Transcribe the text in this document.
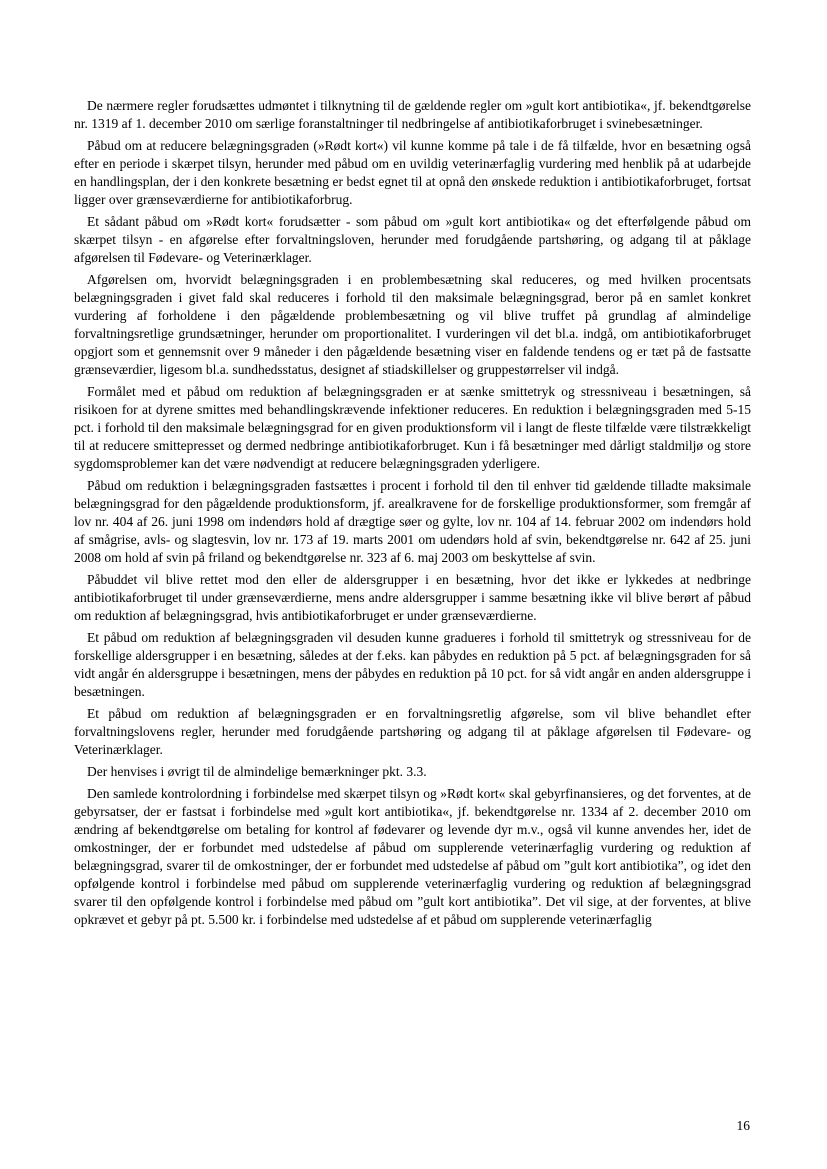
De nærmere regler forudsættes udmøntet i tilknytning til de gældende regler om »gult kort antibiotika«, jf. bekendtgørelse nr. 1319 af 1. december 2010 om særlige foranstaltninger til nedbringelse af antibiotikaforbruget i svinebesætninger.

Påbud om at reducere belægningsgraden (»Rødt kort«) vil kunne komme på tale i de få tilfælde, hvor en besætning også efter en periode i skærpet tilsyn, herunder med påbud om en uvildig veterinærfaglig vurdering med henblik på at udarbejde en handlingsplan, der i den konkrete besætning er bedst egnet til at opnå den ønskede reduktion i antibiotikaforbruget, fortsat ligger over grænseværdierne for antibiotikaforbrug.

Et sådant påbud om »Rødt kort« forudsætter - som påbud om »gult kort antibiotika« og det efterfølgende påbud om skærpet tilsyn - en afgørelse efter forvaltningsloven, herunder med forudgående partshøring, og adgang til at påklage afgørelsen til Fødevare- og Veterinærklager.

Afgørelsen om, hvorvidt belægningsgraden i en problembesætning skal reduceres, og med hvilken procentsats belægningsgraden i givet fald skal reduceres i forhold til den maksimale belægningsgrad, beror på en samlet konkret vurdering af forholdene i den pågældende problembesætning og vil blive truffet på grundlag af almindelige forvaltningsretlige grundsætninger, herunder om proportionalitet. I vurderingen vil det bl.a. indgå, om antibiotikaforbruget opgjort som et gennemsnit over 9 måneder i den pågældende besætning viser en faldende tendens og er tæt på de fastsatte grænseværdier, ligesom bl.a. sundhedsstatus, designet af stiadskillelser og gruppestørrelser vil indgå.

Formålet med et påbud om reduktion af belægningsgraden er at sænke smittetryk og stressniveau i besætningen, så risikoen for at dyrene smittes med behandlingskrævende infektioner reduceres. En reduktion i belægningsgraden med 5-15 pct. i forhold til den maksimale belægningsgrad for en given produktionsform vil i langt de fleste tilfælde være tilstrækkeligt til at reducere smittepresset og dermed nedbringe antibiotikaforbruget. Kun i få besætninger med dårligt staldmiljø og store sygdomsproblemer kan det være nødvendigt at reducere belægningsgraden yderligere.

Påbud om reduktion i belægningsgraden fastsættes i procent i forhold til den til enhver tid gældende tilladte maksimale belægningsgrad for den pågældende produktionsform, jf. arealkravene for de forskellige produktionsformer, som fremgår af lov nr. 404 af 26. juni 1998 om indendørs hold af drægtige søer og gylte, lov nr. 104 af 14. februar 2002 om indendørs hold af smågrise, avls- og slagtesvin, lov nr. 173 af 19. marts 2001 om udendørs hold af svin, bekendtgørelse nr. 642 af 25. juni 2008 om hold af svin på friland og bekendtgørelse nr. 323 af 6. maj 2003 om beskyttelse af svin.

Påbuddet vil blive rettet mod den eller de aldersgrupper i en besætning, hvor det ikke er lykkedes at nedbringe antibiotikaforbruget til under grænseværdierne, mens andre aldersgrupper i samme besætning ikke vil blive berørt af påbud om reduktion af belægningsgrad, hvis antibiotikaforbruget er under grænseværdierne.

Et påbud om reduktion af belægningsgraden vil desuden kunne gradueres i forhold til smittetryk og stressniveau for de forskellige aldersgrupper i en besætning, således at der f.eks. kan påbydes en reduktion på 5 pct. af belægningsgraden for så vidt angår én aldersgruppe i besætningen, mens der påbydes en reduktion på 10 pct. for så vidt angår en anden aldersgruppe i besætningen.

Et påbud om reduktion af belægningsgraden er en forvaltningsretlig afgørelse, som vil blive behandlet efter forvaltningslovens regler, herunder med forudgående partshøring og adgang til at påklage afgørelsen til Fødevare- og Veterinærklager.

Der henvises i øvrigt til de almindelige bemærkninger pkt. 3.3.

Den samlede kontrolordning i forbindelse med skærpet tilsyn og »Rødt kort« skal gebyrfinansieres, og det forventes, at de gebyrsatser, der er fastsat i forbindelse med »gult kort antibiotika«, jf. bekendtgørelse nr. 1334 af 2. december 2010 om ændring af bekendtgørelse om betaling for kontrol af fødevarer og levende dyr m.v., også vil kunne anvendes her, idet de omkostninger, der er forbundet med udstedelse af påbud om supplerende veterinærfaglig vurdering og reduktion af belægningsgrad, svarer til de omkostninger, der er forbundet med udstedelse af påbud om ”gult kort antibiotika”, og idet den opfølgende kontrol i forbindelse med påbud om supplerende veterinærfaglig vurdering og reduktion af belægningsgrad svarer til den opfølgende kontrol i forbindelse med påbud om ”gult kort antibiotika”. Det vil sige, at der forventes, at blive opkrævet et gebyr på pt. 5.500 kr. i forbindelse med udstedelse af et påbud om supplerende veterinærfaglig

16
